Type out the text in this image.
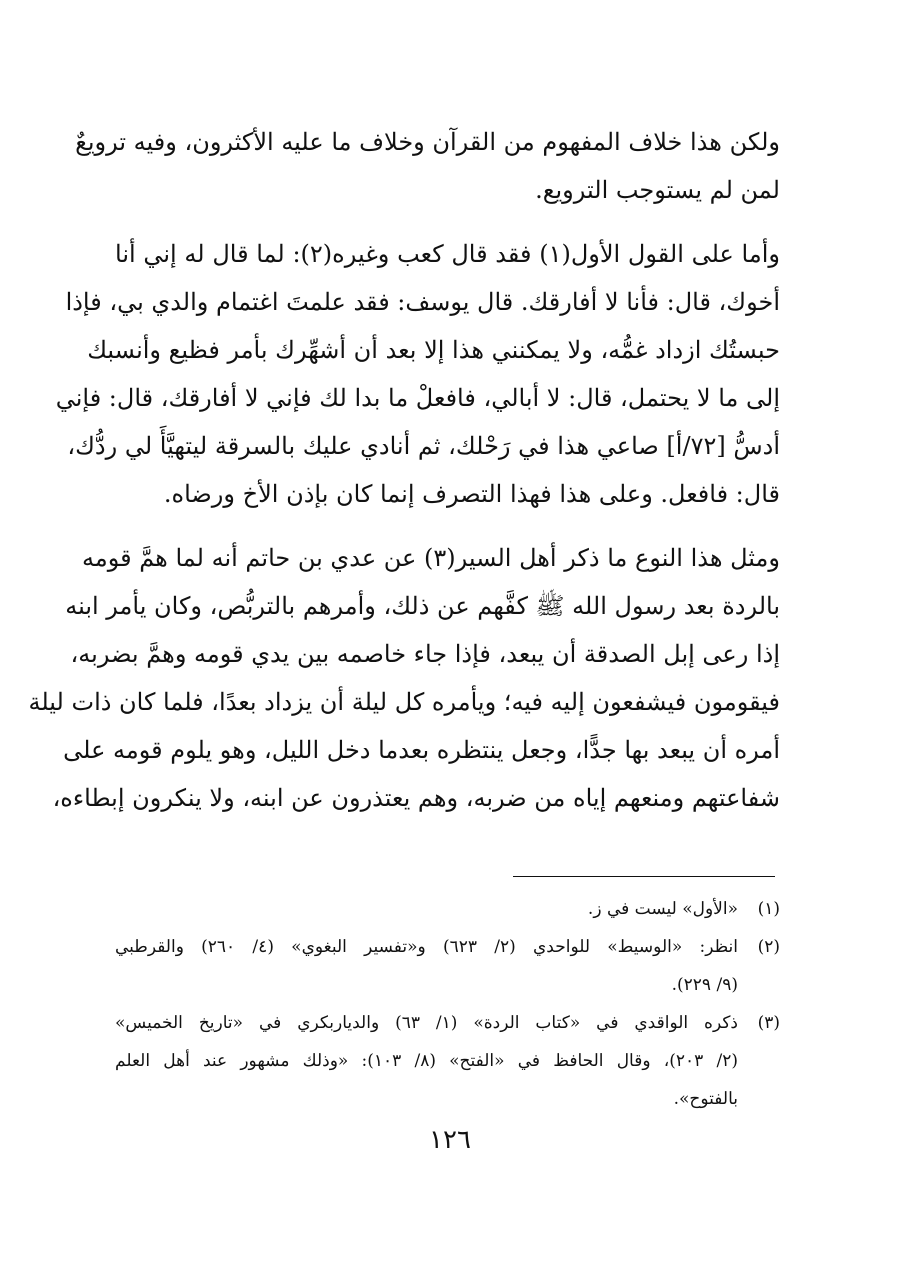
ولكن هذا خلاف المفهوم من القرآن وخلاف ما عليه الأكثرون، وفيه ترويعٌ
لمن لم يستوجب الترويع.
وأما على القول الأول(١) فقد قال كعب وغيره(٢): لما قال له إني أنا
أخوك، قال: فأنا لا أفارقك. قال يوسف: فقد علمتَ اغتمام والدي بي، فإذا
حبستُك ازداد غمُّه، ولا يمكنني هذا إلا بعد أن أشهِّرك بأمر فظيع وأنسبك
إلى ما لا يحتمل، قال: لا أبالي، فافعلْ ما بدا لك فإني لا أفارقك، قال: فإني
أدسُّ [٧٢/أ] صاعي هذا في رَحْلك، ثم أنادي عليك بالسرقة ليتهيَّأَ لي ردُّك،
قال: فافعل. وعلى هذا فهذا التصرف إنما كان بإذن الأخ ورضاه.
ومثل هذا النوع ما ذكر أهل السير(٣) عن عدي بن حاتم أنه لما همَّ قومه
بالردة بعد رسول الله ﷺ كفَّهم عن ذلك، وأمرهم بالتربُّص، وكان يأمر ابنه
إذا رعى إبل الصدقة أن يبعد، فإذا جاء خاصمه بين يدي قومه وهمَّ بضربه،
فيقومون فيشفعون إليه فيه؛ ويأمره كل ليلة أن يزداد بعدًا، فلما كان ذات ليلة
أمره أن يبعد بها جدًّا، وجعل ينتظره بعدما دخل الليل، وهو يلوم قومه على
شفاعتهم ومنعهم إياه من ضربه، وهم يعتذرون عن ابنه، ولا ينكرون إبطاءه،
(١)
«الأول» ليست في ز.
(٢)
انظر: «الوسيط» للواحدي (٢/ ٦٢٣) و«تفسير البغوي» (٤/ ٢٦٠) والقرطبي
(٩/ ٢٢٩).
(٣)
ذكره الواقدي في «كتاب الردة» (١/ ٦٣) والدياربكري في «تاريخ الخميس»
(٢/ ٢٠٣)، وقال الحافظ في «الفتح» (٨/ ١٠٣): «وذلك مشهور عند أهل العلم
بالفتوح».
١٢٦
